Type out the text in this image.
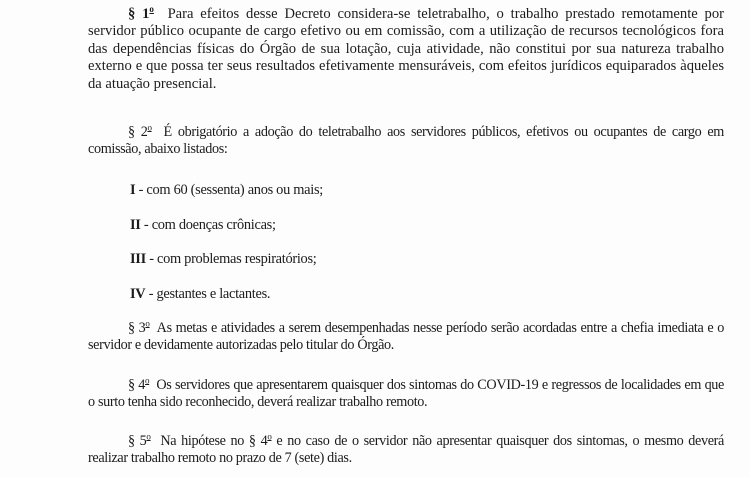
§ 1$^o$ Para efeitos desse Decreto considera-se teletrabalho, o trabalho prestado remotamente por servidor público ocupante de cargo efetivo ou em comissão, com a utilização de recursos tecnológicos fora das dependências físicas do Órgão de sua lotação, cuja atividade, não constitui por sua natureza trabalho externo e que possa ter seus resultados efetivamente mensuráveis, com efeitos jurídicos equiparados àqueles da atuação presencial.

§ 2$^o$ É obrigatório a adoção do teletrabalho aos servidores públicos, efetivos ou ocupantes de cargo em comissão, abaixo listados:

I - com 60 (sessenta) anos ou mais;

II - com doenças crônicas;

III - com problemas respiratórios;

IV - gestantes e lactantes.

§ 3$^o$ As metas e atividades a serem desempenhadas nesse período serão acordadas entre a chefia imediata e o servidor e devidamente autorizadas pelo titular do Órgão.

§ 4$^o$ Os servidores que apresentarem quaisquer dos sintomas do COVID-19 e regressos de localidades em que o surto tenha sido reconhecido, deverá realizar trabalho remoto.

§ 5$^o$ Na hipótese no § 4$^o$ e no caso de o servidor não apresentar quaisquer dos sintomas, o mesmo deverá realizar trabalho remoto no prazo de 7 (sete) dias.
